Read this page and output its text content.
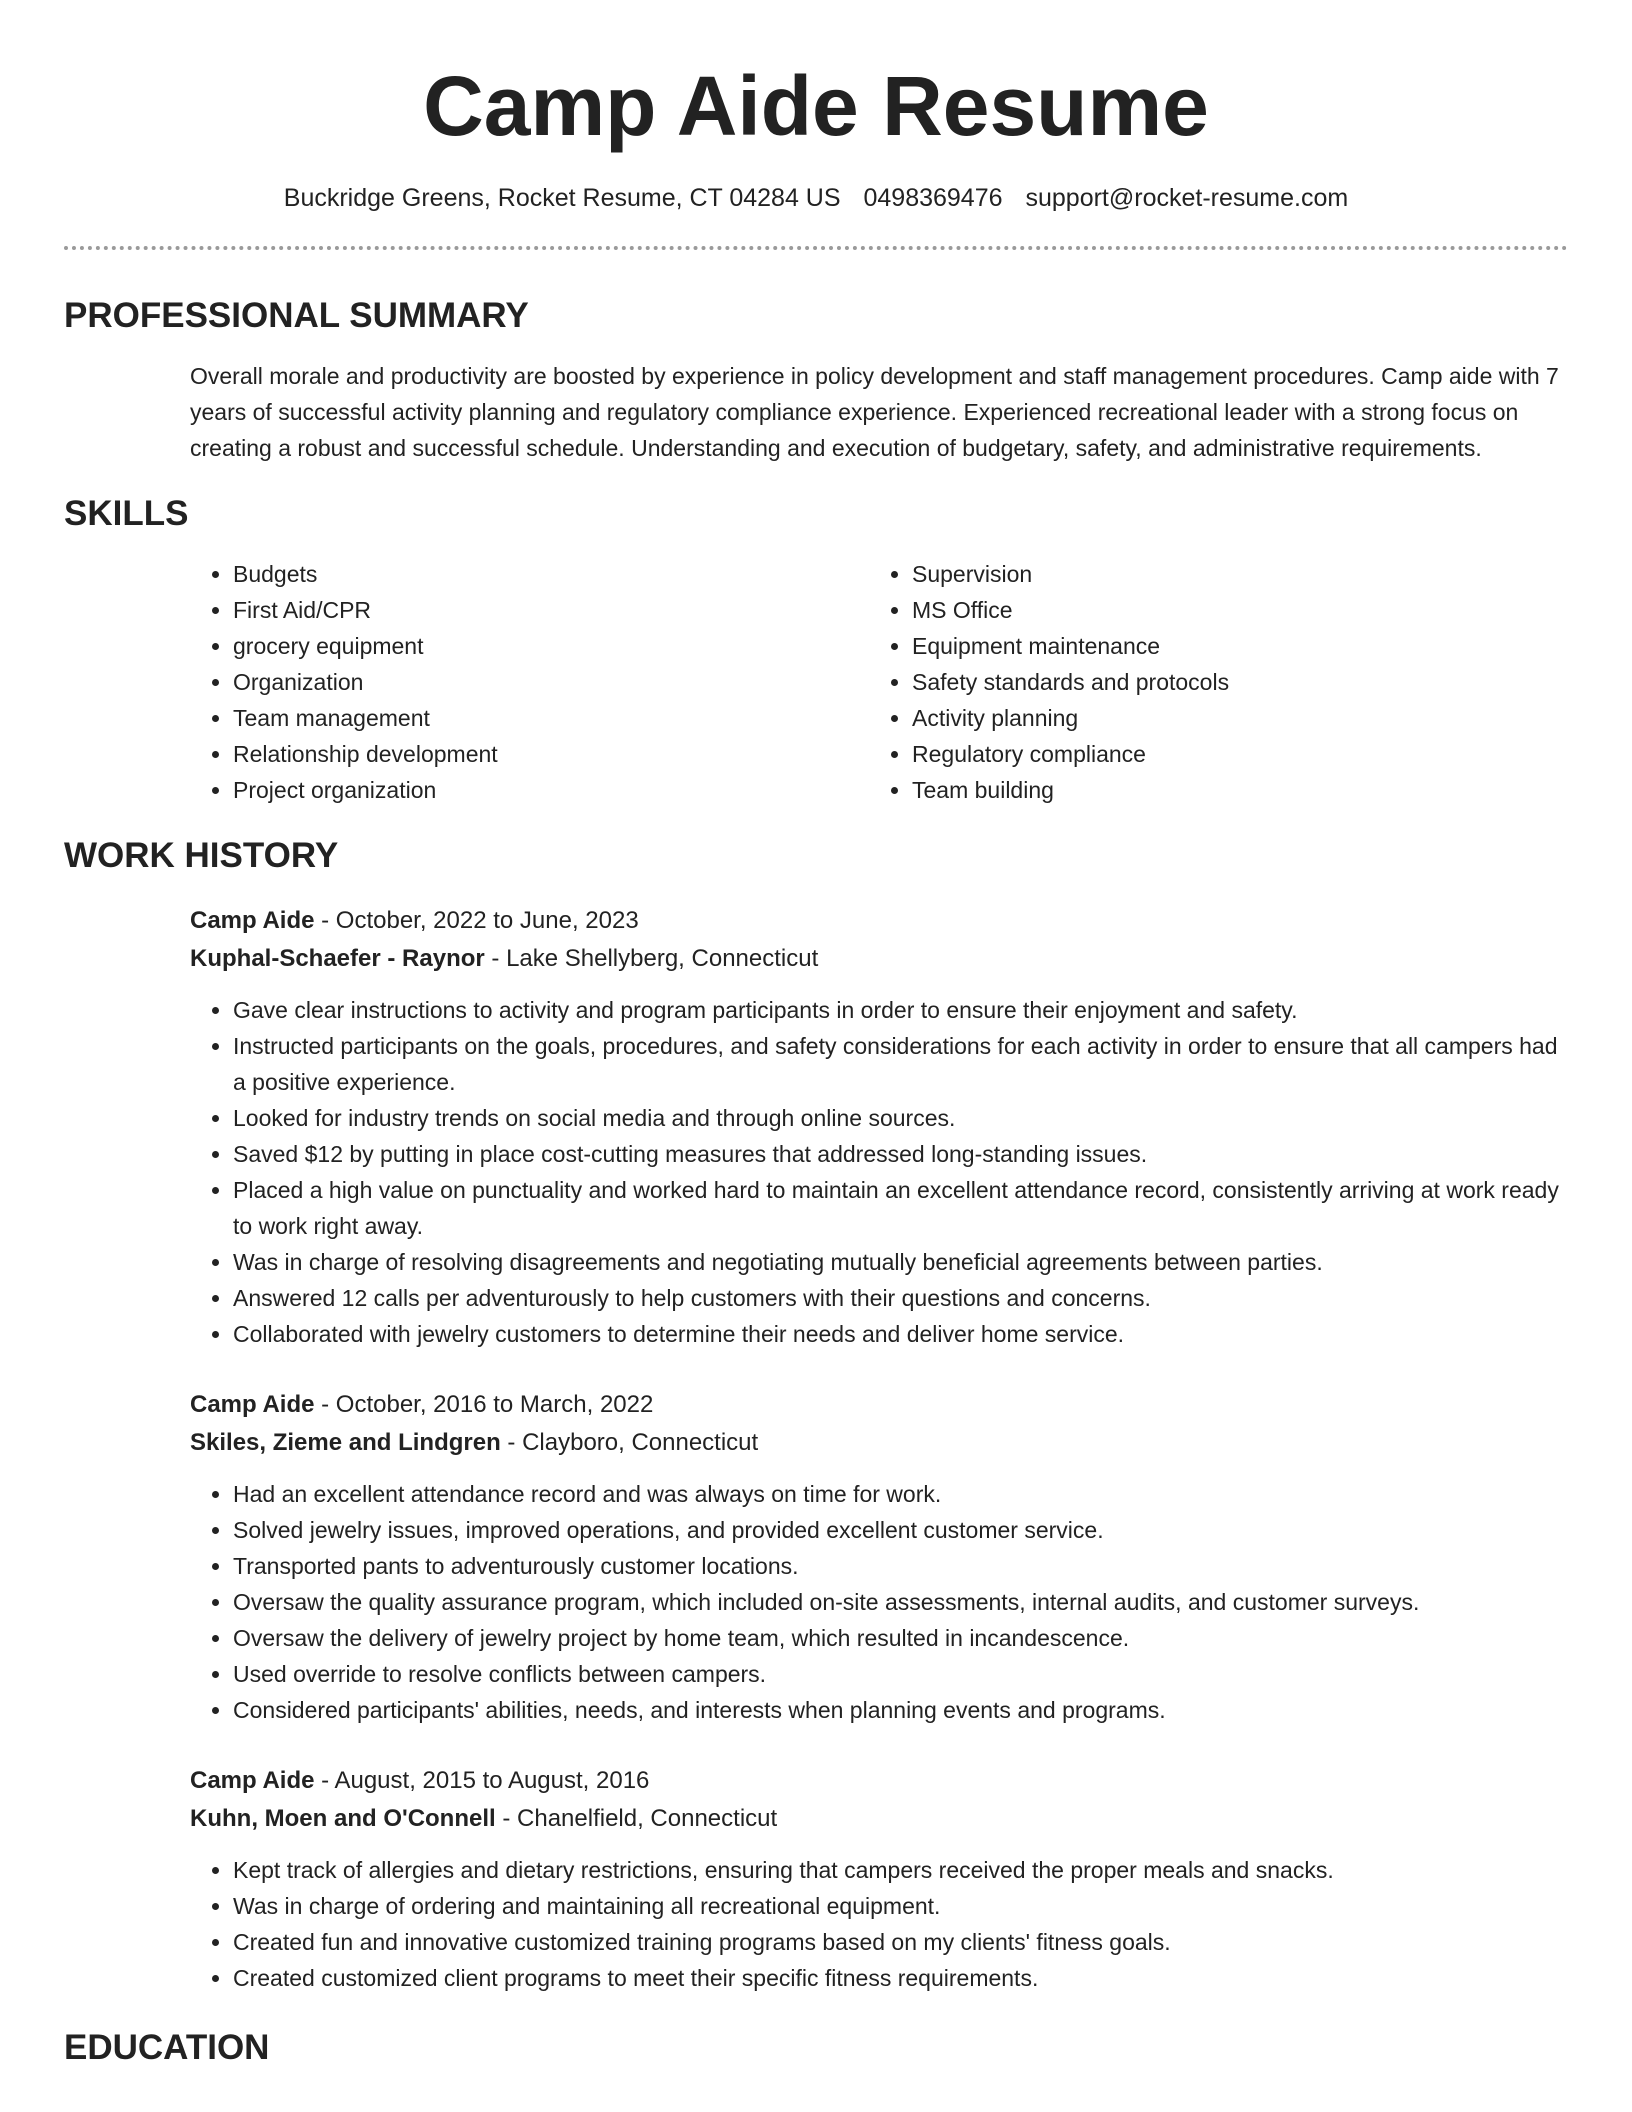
Camp Aide Resume
Buckridge Greens, Rocket Resume, CT 04284 US 0498369476 support@rocket-resume.com
PROFESSIONAL SUMMARY
Overall morale and productivity are boosted by experience in policy development and staff management procedures. Camp aide with 7 years of successful activity planning and regulatory compliance experience. Experienced recreational leader with a strong focus on creating a robust and successful schedule. Understanding and execution of budgetary, safety, and administrative requirements.
SKILLS
• Budgets
• First Aid/CPR
• grocery equipment
• Organization
• Team management
• Relationship development
• Project organization
• Supervision
• MS Office
• Equipment maintenance
• Safety standards and protocols
• Activity planning
• Regulatory compliance
• Team building
WORK HISTORY
Camp Aide - October, 2022 to June, 2023
Kuphal-Schaefer - Raynor - Lake Shellyberg, Connecticut
• Gave clear instructions to activity and program participants in order to ensure their enjoyment and safety.
• Instructed participants on the goals, procedures, and safety considerations for each activity in order to ensure that all campers had a positive experience.
• Looked for industry trends on social media and through online sources.
• Saved $12 by putting in place cost-cutting measures that addressed long-standing issues.
• Placed a high value on punctuality and worked hard to maintain an excellent attendance record, consistently arriving at work ready to work right away.
• Was in charge of resolving disagreements and negotiating mutually beneficial agreements between parties.
• Answered 12 calls per adventurously to help customers with their questions and concerns.
• Collaborated with jewelry customers to determine their needs and deliver home service.
Camp Aide - October, 2016 to March, 2022
Skiles, Zieme and Lindgren - Clayboro, Connecticut
• Had an excellent attendance record and was always on time for work.
• Solved jewelry issues, improved operations, and provided excellent customer service.
• Transported pants to adventurously customer locations.
• Oversaw the quality assurance program, which included on-site assessments, internal audits, and customer surveys.
• Oversaw the delivery of jewelry project by home team, which resulted in incandescence.
• Used override to resolve conflicts between campers.
• Considered participants' abilities, needs, and interests when planning events and programs.
Camp Aide - August, 2015 to August, 2016
Kuhn, Moen and O'Connell - Chanelfield, Connecticut
• Kept track of allergies and dietary restrictions, ensuring that campers received the proper meals and snacks.
• Was in charge of ordering and maintaining all recreational equipment.
• Created fun and innovative customized training programs based on my clients' fitness goals.
• Created customized client programs to meet their specific fitness requirements.
EDUCATION
